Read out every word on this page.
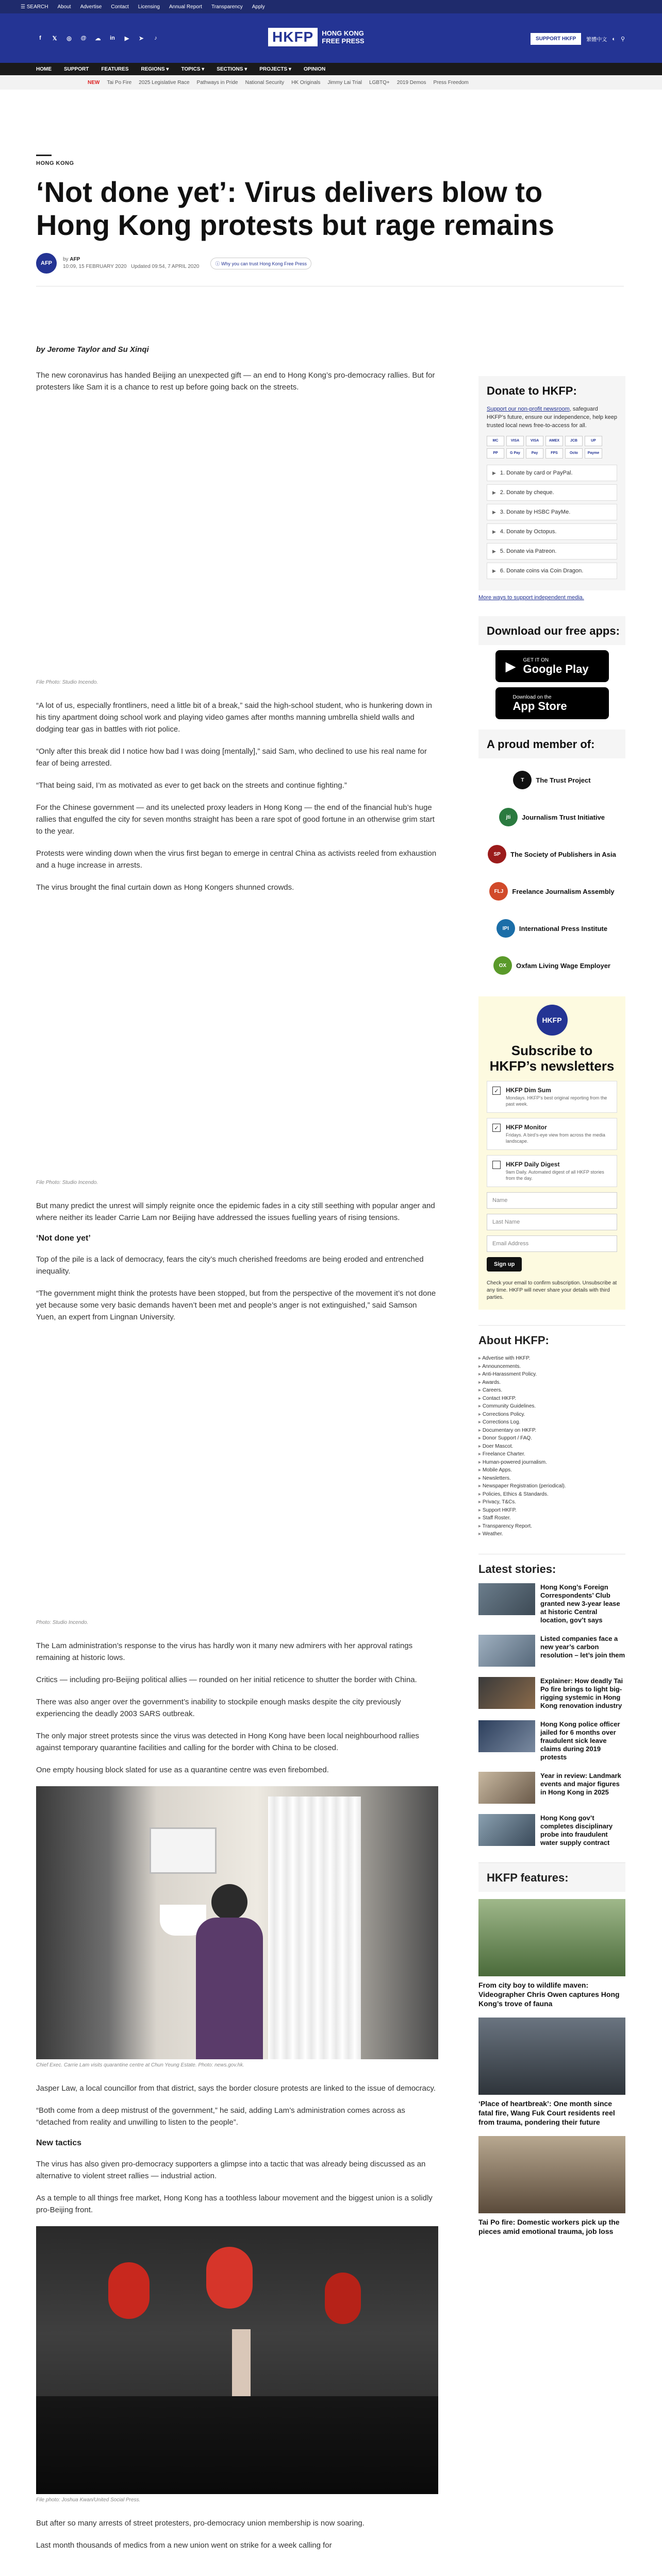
☰ SEARCH About Advertise Contact Licensing Annual Report Transparency Apply
f	𝕏	◎ @ ☁ in	▶	➤	♪	HKFP	HONG KONG
FREE PRESS	SUPPORT HKFP	繁體中文 ◐ ⚲
HOME SUPPORT FEATURES REGIONS ▾ TOPICS ▾ SECTIONS ▾ PROJECTS ▾ OPINION
NEW Tai Po Fire 2025 Legislative Race Pathways in Pride National Security HK Originals Jimmy Lai Trial LGBTQ+ 2019 Demos Press Freedom
HONG KONG
‘Not done yet’: Virus delivers blow to Hong Kong protests but rage remains
AFP
by AFP
10:09, 15 FEBRUARY 2020 Updated 09:54, 7 APRIL 2020
ⓘ Why you can trust Hong Kong Free Press
by Jerome Taylor and Su Xinqi

The new coronavirus has handed Beijing an unexpected gift — an end to Hong Kong’s pro-democracy rallies. But for protesters like Sam it is a chance to rest up before going back on the streets.

File Photo: Studio Incendo.

“A lot of us, especially frontliners, need a little bit of a break,” said the high-school student, who is hunkering down in his tiny apartment doing school work and playing video games after months manning umbrella shield walls and dodging tear gas in battles with riot police.

“Only after this break did I notice how bad I was doing [mentally],” said Sam, who declined to use his real name for fear of being arrested.

“That being said, I’m as motivated as ever to get back on the streets and continue fighting.”

For the Chinese government — and its unelected proxy leaders in Hong Kong — the end of the financial hub’s huge rallies that engulfed the city for seven months straight has been a rare spot of good fortune in an otherwise grim start to the year.

Protests were winding down when the virus first began to emerge in central China as activists reeled from exhaustion and a huge increase in arrests.

The virus brought the final curtain down as Hong Kongers shunned crowds.

File Photo: Studio Incendo.

But many predict the unrest will simply reignite once the epidemic fades in a city still seething with popular anger and where neither its leader Carrie Lam nor Beijing have addressed the issues fuelling years of rising tensions.

‘Not done yet’

Top of the pile is a lack of democracy, fears the city’s much cherished freedoms are being eroded and entrenched inequality.

“The government might think the protests have been stopped, but from the perspective of the movement it’s not done yet because some very basic demands haven’t been met and people’s anger is not extinguished,” said Samson Yuen, an expert from Lingnan University.

Photo: Studio Incendo.

The Lam administration’s response to the virus has hardly won it many new admirers with her approval ratings remaining at historic lows.

Critics — including pro-Beijing political allies — rounded on her initial reticence to shutter the border with China.

There was also anger over the government’s inability to stockpile enough masks despite the city previously experiencing the deadly 2003 SARS outbreak.

The only major street protests since the virus was detected in Hong Kong have been local neighbourhood rallies against temporary quarantine facilities and calling for the border with China to be closed.

One empty housing block slated for use as a quarantine centre was even firebombed.

Chief Exec. Carrie Lam visits quarantine centre at Chun Yeung Estate. Photo: news.gov.hk.

Jasper Law, a local councillor from that district, says the border closure protests are linked to the issue of democracy.

“Both come from a deep mistrust of the government,” he said, adding Lam’s administration comes across as “detached from reality and unwilling to listen to the people”.

New tactics

The virus has also given pro-democracy supporters a glimpse into a tactic that was already being discussed as an alternative to violent street rallies — industrial action.

As a temple to all things free market, Hong Kong has a toothless labour movement and the biggest union is a solidly pro-Beijing front.

File photo: Joshua Kwan/United Social Press.

But after so many arrests of street protesters, pro-democracy union membership is now soaring.

Last month thousands of medics from a new union went on strike for a week calling for

Donate to HKFP:
Support our non-profit newsroom, safeguard HKFP’s future, ensure our independence, help keep trusted local news free-to-access for all.
MC	VISA	VISA	AMEX	JCB	UP
PP	G Pay	Pay	FPS	Octo	Payme
▶ 1. Donate by card or PayPal.
▶ 2. Donate by cheque.
▶ 3. Donate by HSBC PayMe.
▶ 4. Donate by Octopus.
▶ 5. Donate via Patreon.
▶ 6. Donate coins via Coin Dragon.
More ways to support independent media.
Download our free apps:
▶ GET IT ON
Google Play
Download on the
App Store
A proud member of:
T	The Trust Project
jti	Journalism Trust Initiative
SP	The Society of Publishers in Asia
FLJ	Freelance Journalism Assembly
IPI	International Press Institute
OX	Oxfam Living Wage Employer
HKFP
Subscribe to HKFP’s newsletters
✓ HKFP Dim Sum
Mondays. HKFP’s best original reporting from the past week.
✓ HKFP Monitor
Fridays. A bird’s-eye view from across the media landscape.
HKFP Daily Digest
9am Daily. Automated digest of all HKFP stories from the day.
Name
Last Name
Email Address
Sign up
Check your email to confirm subscription. Unsubscribe at any time. HKFP will never share your details with third parties.
About HKFP:
▸ Advertise with HKFP.
▸ Announcements.
▸ Anti-Harassment Policy.
▸ Awards.
▸ Careers.
▸ Contact HKFP.
▸ Community Guidelines.
▸ Corrections Policy.
▸ Corrections Log.
▸ Documentary on HKFP.
▸ Donor Support / FAQ.
▸ Doer Mascot.
▸ Freelance Charter.
▸ Human-powered journalism.
▸ Mobile Apps.
▸ Newsletters.
▸ Newspaper Registration (periodical).
▸ Policies, Ethics & Standards.
▸ Privacy, T&Cs.
▸ Support HKFP.
▸ Staff Roster.
▸ Transparency Report.
▸ Weather.
Latest stories:
Hong Kong’s Foreign Correspondents’ Club granted new 3-year lease at historic Central location, gov’t says
Listed companies face a new year’s carbon resolution – let’s join them
Explainer: How deadly Tai Po fire brings to light big-rigging systemic in Hong Kong renovation industry
Hong Kong police officer jailed for 6 months over fraudulent sick leave claims during 2019 protests
Year in review: Landmark events and major figures in Hong Kong in 2025
Hong Kong gov’t completes disciplinary probe into fraudulent water supply contract
HKFP features:
From city boy to wildlife maven: Videographer Chris Owen captures Hong Kong’s trove of fauna
‘Place of heartbreak’: One month since fatal fire, Wang Fuk Court residents reel from trauma, pondering their future
Tai Po fire: Domestic workers pick up the pieces amid emotional trauma, job loss
